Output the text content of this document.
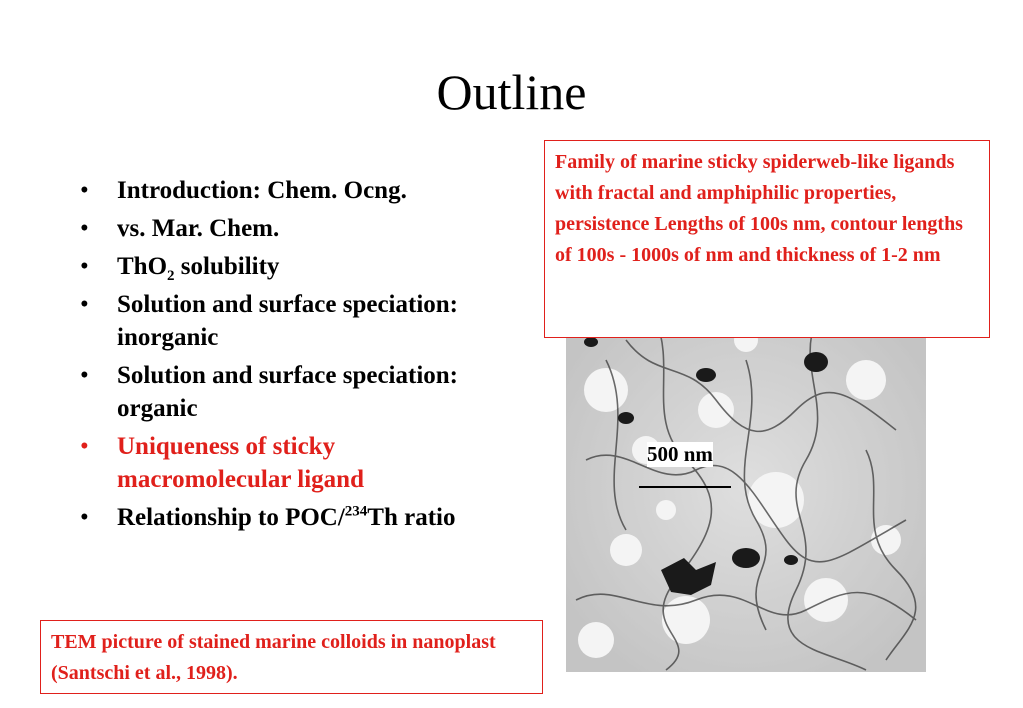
Outline
• Introduction: Chem. Ocng.
• vs. Mar. Chem.
• ThO$_2$ solubility
• Solution and surface speciation: inorganic
• Solution and surface speciation: organic
• Uniqueness of sticky macromolecular ligand
• Relationship to POC/$^{234}$Th ratio
Family of marine sticky spiderweb-like ligands with fractal and amphiphilic properties, persistence Lengths of 100s nm, contour lengths of 100s - 1000s of nm and thickness of 1-2 nm
500 nm
TEM picture of stained marine colloids in nanoplast (Santschi et al., 1998).
